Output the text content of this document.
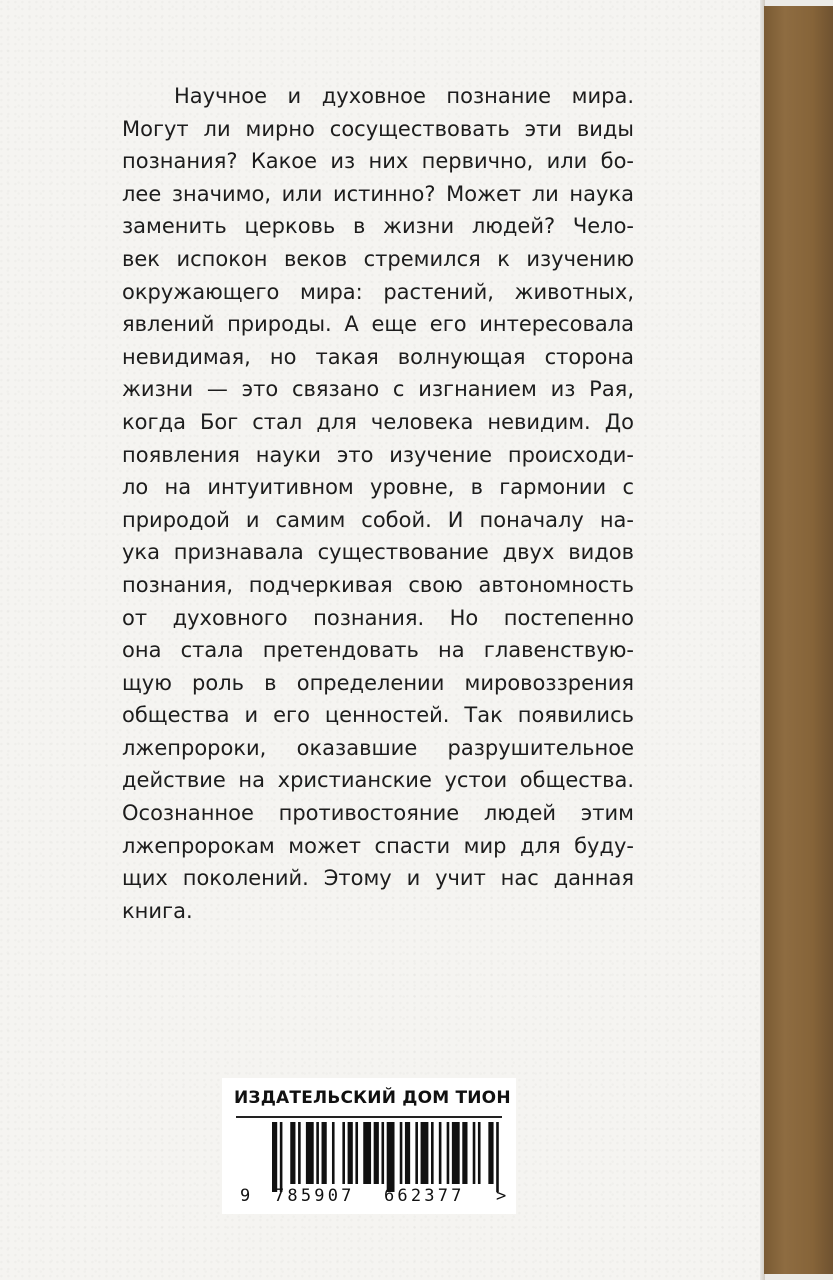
Научное и духовное познание мира.
Могут ли мирно сосуществовать эти виды
познания? Какое из них первично, или бо-
лее значимо, или истинно? Может ли наука
заменить церковь в жизни людей? Чело-
век испокон веков стремился к изучению
окружающего мира: растений, животных,
явлений природы. А еще его интересовала
невидимая, но такая волнующая сторона
жизни — это связано с изгнанием из Рая,
когда Бог стал для человека невидим. До
появления науки это изучение происходи-
ло на интуитивном уровне, в гармонии с
природой и самим собой. И поначалу на-
ука признавала существование двух видов
познания, подчеркивая свою автономность
от духовного познания. Но постепенно
она стала претендовать на главенствую-
щую роль в определении мировоззрения
общества и его ценностей. Так появились
лжепророки, оказавшие разрушительное
действие на христианские устои общества.
Осознанное противостояние людей этим
лжепророкам может спасти мир для буду-
щих поколений. Этому и учит нас данная
книга.
ИЗДАТЕЛЬСКИЙ ДОМ ТИОН
9 785907 662377 >
